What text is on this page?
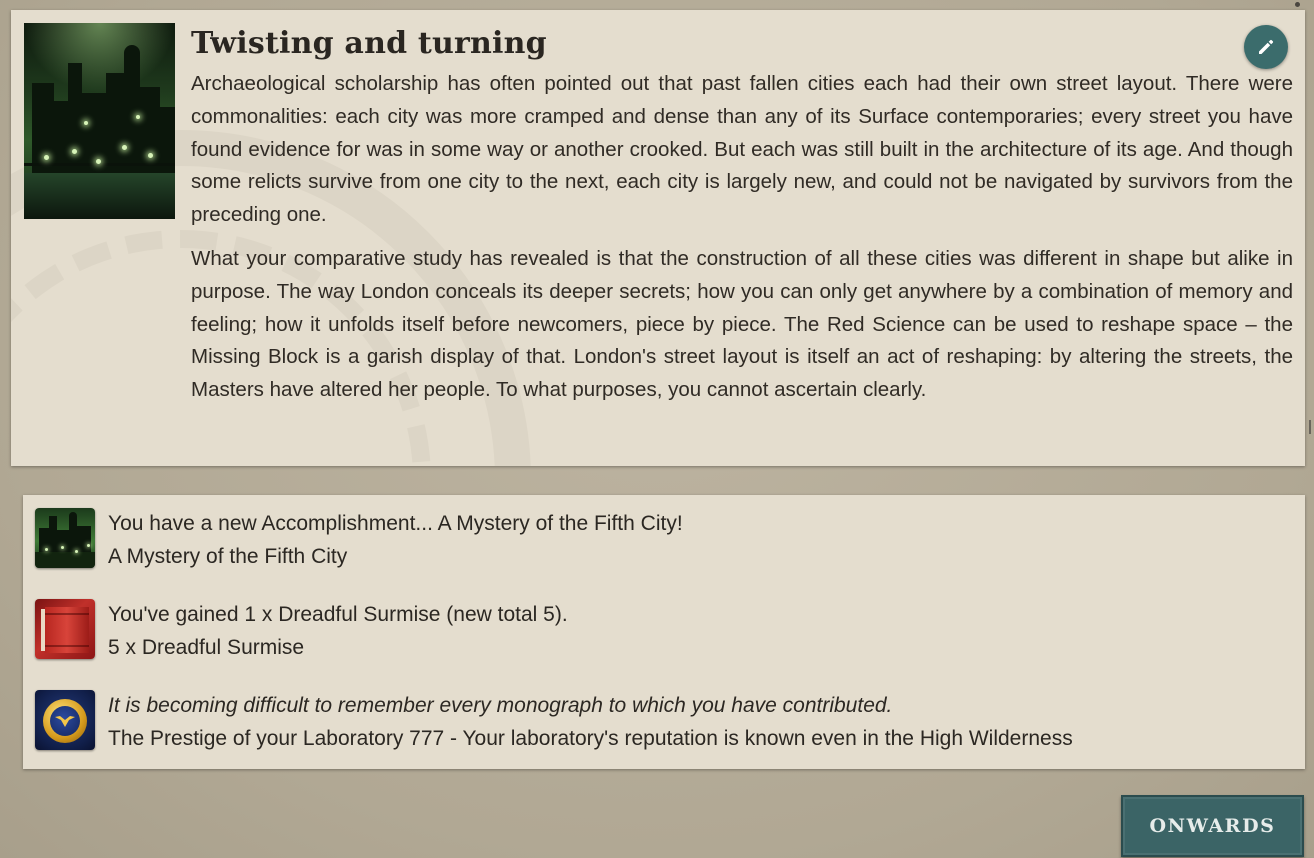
Twisting and turning

Archaeological scholarship has often pointed out that past fallen cities each had their own street layout. There were commonalities: each city was more cramped and dense than any of its Surface contemporaries; every street you have found evidence for was in some way or another crooked. But each was still built in the architecture of its age. And though some relicts survive from one city to the next, each city is largely new, and could not be navigated by survivors from the preceding one.

What your comparative study has revealed is that the construction of all these cities was different in shape but alike in purpose. The way London conceals its deeper secrets; how you can only get anywhere by a combination of memory and feeling; how it unfolds itself before newcomers, piece by piece. The Red Science can be used to reshape space – the Missing Block is a garish display of that. London's street layout is itself an act of reshaping: by altering the streets, the Masters have altered her people. To what purposes, you cannot ascertain clearly.

You have a new Accomplishment... A Mystery of the Fifth City!
A Mystery of the Fifth City
You've gained 1 x Dreadful Surmise (new total 5).
5 x Dreadful Surmise
It is becoming difficult to remember every monograph to which you have contributed.
The Prestige of your Laboratory 777 - Your laboratory's reputation is known even in the High Wilderness
ONWARDS
